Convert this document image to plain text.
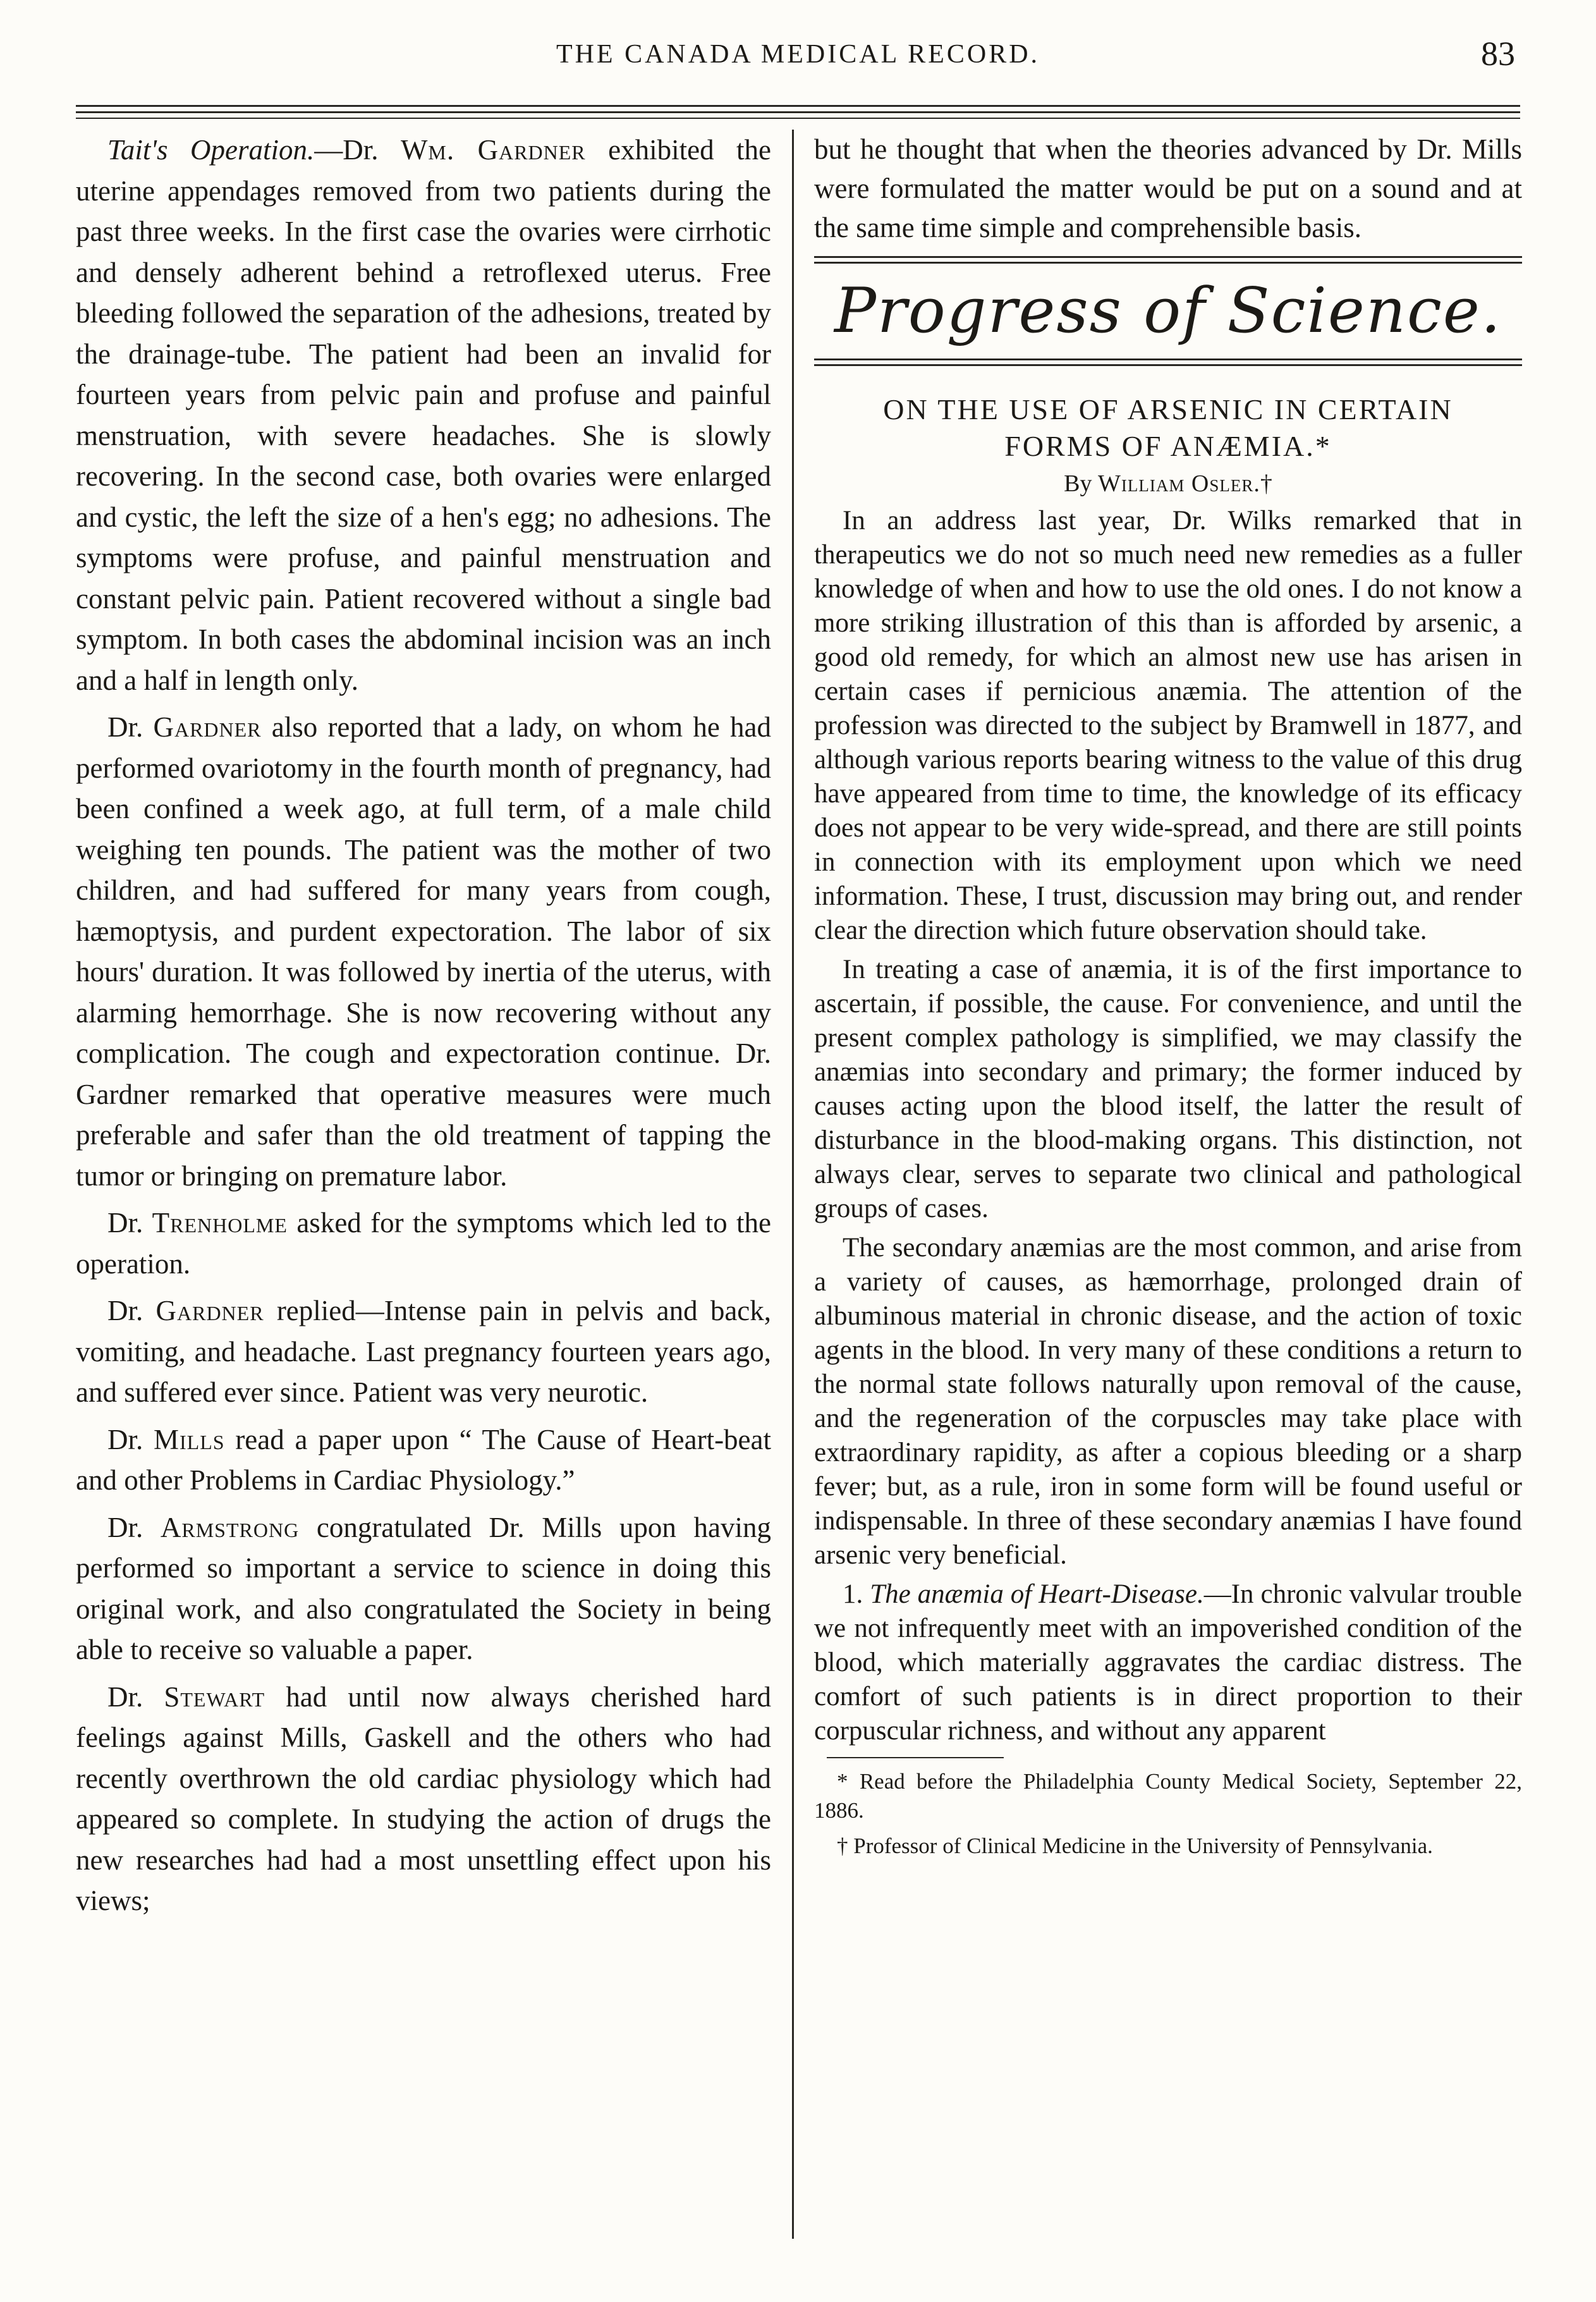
THE CANADA MEDICAL RECORD.	83

Tait's Operation.—Dr. Wm. Gardner exhibited the uterine appendages removed from two patients during the past three weeks. In the first case the ovaries were cirrhotic and densely adherent behind a retroflexed uterus. Free bleeding followed the separation of the adhesions, treated by the drainage-tube. The patient had been an invalid for fourteen years from pelvic pain and profuse and painful menstruation, with severe headaches. She is slowly recovering. In the second case, both ovaries were enlarged and cystic, the left the size of a hen's egg; no adhesions. The symptoms were profuse, and painful menstruation and constant pelvic pain. Patient recovered without a single bad symptom. In both cases the abdominal incision was an inch and a half in length only.

Dr. Gardner also reported that a lady, on whom he had performed ovariotomy in the fourth month of pregnancy, had been confined a week ago, at full term, of a male child weighing ten pounds. The patient was the mother of two children, and had suffered for many years from cough, hæmoptysis, and purdent expectoration. The labor of six hours' duration. It was followed by inertia of the uterus, with alarming hemorrhage. She is now recovering without any complication. The cough and expectoration continue. Dr. Gardner remarked that operative measures were much preferable and safer than the old treatment of tapping the tumor or bringing on premature labor.

Dr. Trenholme asked for the symptoms which led to the operation.

Dr. Gardner replied—Intense pain in pelvis and back, vomiting, and headache. Last pregnancy fourteen years ago, and suffered ever since. Patient was very neurotic.

Dr. Mills read a paper upon “ The Cause of Heart-beat and other Problems in Cardiac Physiology.”

Dr. Armstrong congratulated Dr. Mills upon having performed so important a service to science in doing this original work, and also congratulated the Society in being able to receive so valuable a paper.

Dr. Stewart had until now always cherished hard feelings against Mills, Gaskell and the others who had recently overthrown the old cardiac physiology which had appeared so complete. In studying the action of drugs the new researches had had a most unsettling effect upon his views;

but he thought that when the theories advanced by Dr. Mills were formulated the matter would be put on a sound and at the same time simple and comprehensible basis.

Progress of Science.
ON THE USE OF ARSENIC IN CERTAIN
FORMS OF ANÆMIA.*
By William Osler.†

In an address last year, Dr. Wilks remarked that in therapeutics we do not so much need new remedies as a fuller knowledge of when and how to use the old ones. I do not know a more striking illustration of this than is afforded by arsenic, a good old remedy, for which an almost new use has arisen in certain cases if pernicious anæmia. The attention of the profession was directed to the subject by Bramwell in 1877, and although various reports bearing witness to the value of this drug have appeared from time to time, the knowledge of its efficacy does not appear to be very wide-spread, and there are still points in connection with its employment upon which we need information. These, I trust, discussion may bring out, and render clear the direction which future observation should take.

In treating a case of anæmia, it is of the first importance to ascertain, if possible, the cause. For convenience, and until the present complex pathology is simplified, we may classify the anæmias into secondary and primary; the former induced by causes acting upon the blood itself, the latter the result of disturbance in the blood-making organs. This distinction, not always clear, serves to separate two clinical and pathological groups of cases.

The secondary anæmias are the most common, and arise from a variety of causes, as hæmorrhage, prolonged drain of albuminous material in chronic disease, and the action of toxic agents in the blood. In very many of these conditions a return to the normal state follows naturally upon removal of the cause, and the regeneration of the corpuscles may take place with extraordinary rapidity, as after a copious bleeding or a sharp fever; but, as a rule, iron in some form will be found useful or indispensable. In three of these secondary anæmias I have found arsenic very beneficial.

1. The anæmia of Heart-Disease.—In chronic valvular trouble we not infrequently meet with an impoverished condition of the blood, which materially aggravates the cardiac distress. The comfort of such patients is in direct proportion to their corpuscular richness, and without any apparent

* Read before the Philadelphia County Medical Society, September 22, 1886.

† Professor of Clinical Medicine in the University of Pennsylvania.
